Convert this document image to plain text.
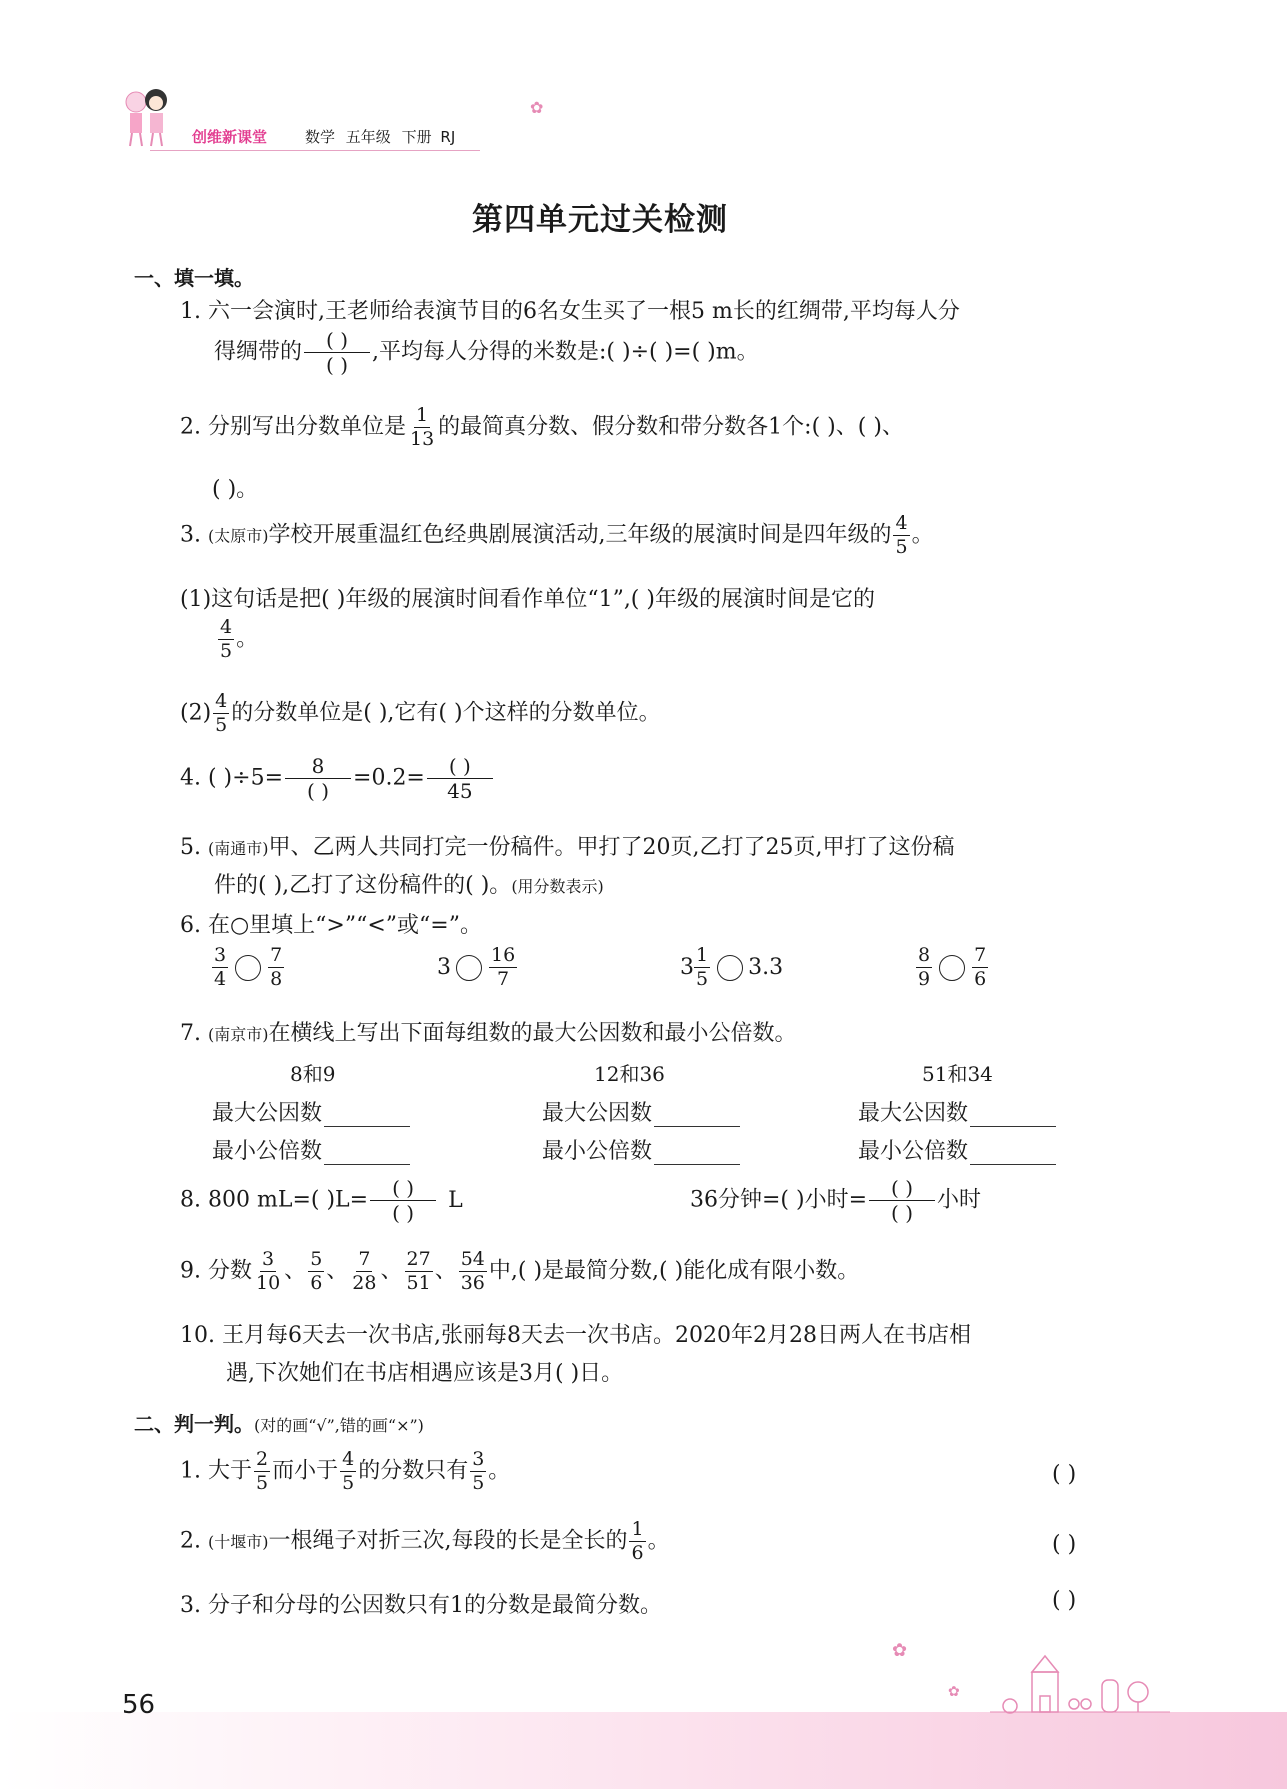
创维新课堂	数学 五年级 下册 RJ
✿
第四单元过关检测
一、填一填。
1. 六一会演时,王老师给表演节目的6名女生买了一根5 m长的红绸带,平均每人分
得绸带的 $\frac{( )}{( )}$ ,平均每人分得的米数是:( )÷( )=( )m。
2. 分别写出分数单位是 $\frac{1}{13}$ 的最简真分数、假分数和带分数各1个:( )、( )、
( )。
3. (太原市)学校开展重温红色经典剧展演活动,三年级的展演时间是四年级的 $\frac{4}{5}$ 。
(1)这句话是把( )年级的展演时间看作单位“1”,( )年级的展演时间是它的
$\frac{4}{5}$ 。
$(2) \frac{4}{5}$ 的分数单位是( ),它有( )个这样的分数单位。
4. ( )$\div 5= \frac{8}{( )} =0.2= \frac{( )}{45}$
5. (南通市)甲、乙两人共同打完一份稿件。甲打了20页,乙打了25页,甲打了这份稿
件的( ),乙打了这份稿件的( )。(用分数表示)
6. 在○里填上“>”“<”或“=”。
$\frac{3}{4} \frac{7}{8}$	$3 \frac{16}{7}$	$3 \frac{1}{5} 3.3$	$\frac{8}{9} \frac{7}{6}$
7. (南京市)在横线上写出下面每组数的最大公因数和最小公倍数。
8和9	12和36	51和34
最大公因数	最大公因数	最大公因数
最小公倍数	最小公倍数	最小公倍数
8. 800 mL=( )$L= \frac{( )}{( )}$ L	36分钟=( )小时= $\frac{( )}{( )}$ 小时
9. 分数 $\frac{3}{10}$ 、 $\frac{5}{6}$ 、 $\frac{7}{28}$ 、 $\frac{27}{51}$ 、 $\frac{54}{36}$ 中,( )是最简分数,( )能化成有限小数。
10. 王月每6天去一次书店,张丽每8天去一次书店。2020年2月28日两人在书店相
遇,下次她们在书店相遇应该是3月( )日。
二、判一判。(对的画“√”,错的画“×”)
1. 大于 $\frac{2}{5}$ 而小于 $\frac{4}{5}$ 的分数只有 $\frac{3}{5}$ 。	( )
2. (十堰市)一根绳子对折三次,每段的长是全长的 $\frac{1}{6}$ 。	( )
3. 分子和分母的公因数只有1的分数是最简分数。	( )
56
✿
✿
